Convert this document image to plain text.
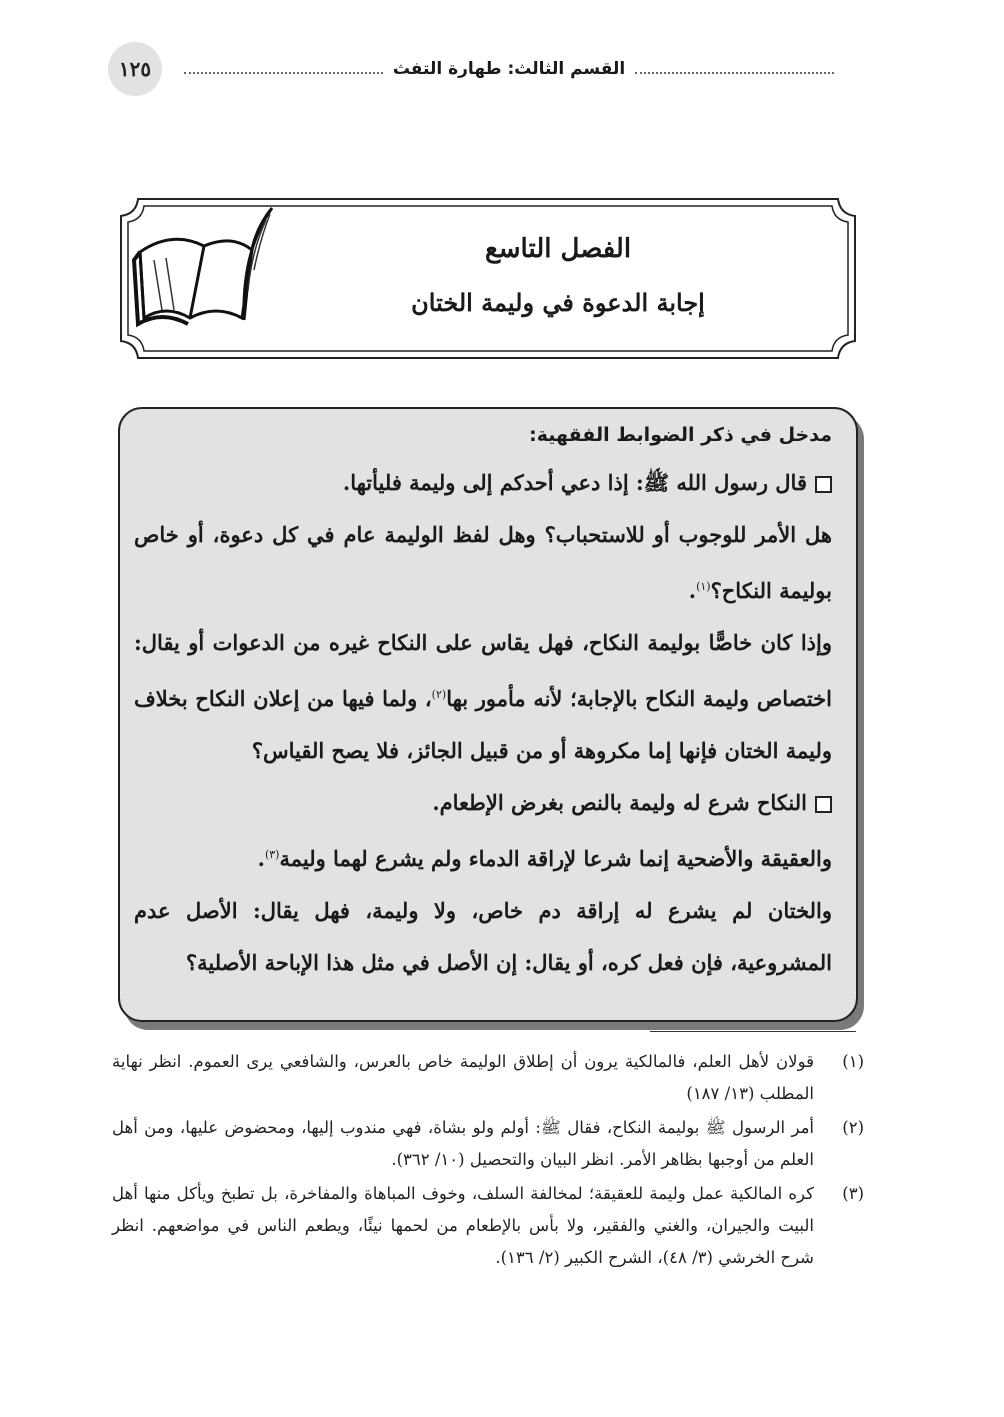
١٢٥	القسم الثالث: طهارة التفث
الفصل التاسع
إجابة الدعوة في وليمة الختان
مدخل في ذكر الضوابط الفقهية:

قال رسول الله ﷺ: إذا دعي أحدكم إلى وليمة فليأتها.

هل الأمر للوجوب أو للاستحباب؟ وهل لفظ الوليمة عام في كل دعوة، أو خاص بوليمة النكاح؟$^{(١)}$.

وإذا كان خاصًّا بوليمة النكاح، فهل يقاس على النكاح غيره من الدعوات أو يقال: اختصاص وليمة النكاح بالإجابة؛ لأنه مأمور بها$^{(٢)}$، ولما فيها من إعلان النكاح بخلاف وليمة الختان فإنها إما مكروهة أو من قبيل الجائز، فلا يصح القياس؟

النكاح شرع له وليمة بالنص بغرض الإطعام.

والعقيقة والأضحية إنما شرعا لإراقة الدماء ولم يشرع لهما وليمة$^{(٣)}$.

والختان لم يشرع له إراقة دم خاص، ولا وليمة، فهل يقال: الأصل عدم المشروعية، فإن فعل كره، أو يقال: إن الأصل في مثل هذا الإباحة الأصلية؟

(١)
قولان لأهل العلم، فالمالكية يرون أن إطلاق الوليمة خاص بالعرس، والشافعي يرى العموم. انظر نهاية المطلب (١٣/ ١٨٧)
(٢)
أمر الرسول ﷺ بوليمة النكاح، فقال ﷺ: أولم ولو بشاة، فهي مندوب إليها، ومحضوض عليها، ومن أهل العلم من أوجبها بظاهر الأمر. انظر البيان والتحصيل (١٠/ ٣٦٢).
(٣)
كره المالكية عمل وليمة للعقيقة؛ لمخالفة السلف، وخوف المباهاة والمفاخرة، بل تطبخ ويأكل منها أهل البيت والجيران، والغني والفقير، ولا بأس بالإطعام من لحمها نيئًا، ويطعم الناس في مواضعهم. انظر شرح الخرشي (٣/ ٤٨)، الشرح الكبير (٢/ ١٣٦).
